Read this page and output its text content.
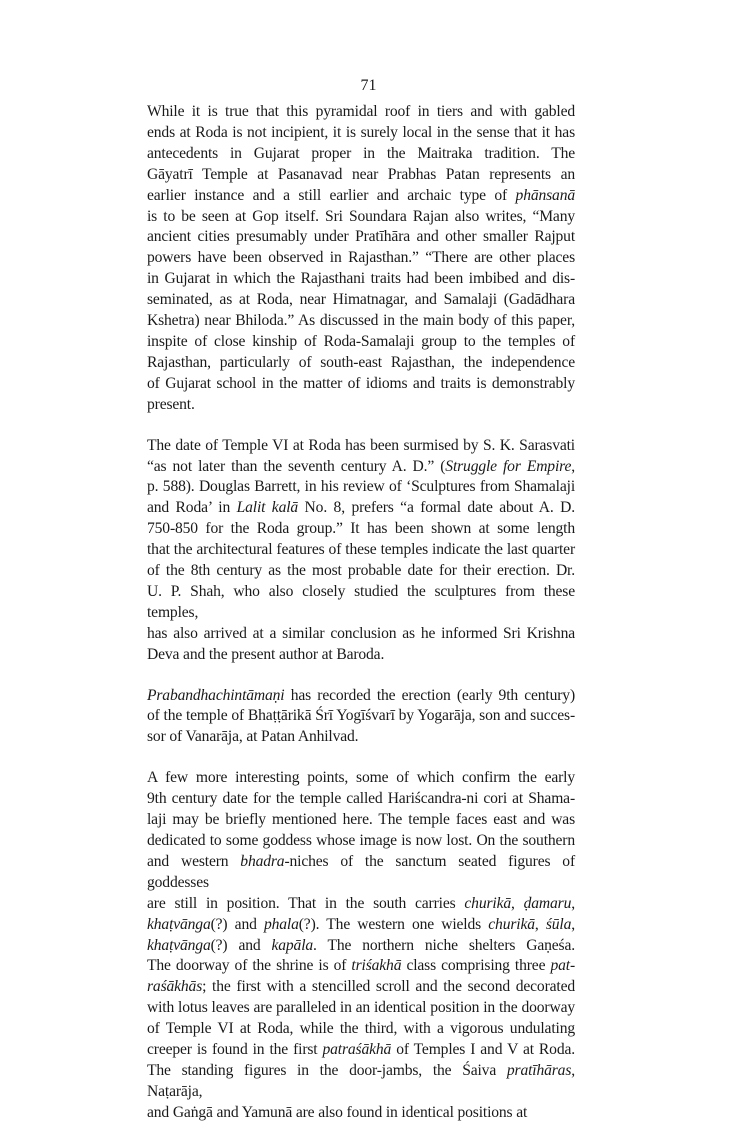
71

While it is true that this pyramidal roof in tiers and with gabled
ends at Roda is not incipient, it is surely local in the sense that it has
antecedents in Gujarat proper in the Maitraka tradition. The
Gāyatrī Temple at Pasanavad near Prabhas Patan represents an
earlier instance and a still earlier and archaic type of phānsanā
is to be seen at Gop itself. Sri Soundara Rajan also writes, “Many
ancient cities presumably under Pratīhāra and other smaller Rajput
powers have been observed in Rajasthan.” “There are other places
in Gujarat in which the Rajasthani traits had been imbibed and dis-
seminated, as at Roda, near Himatnagar, and Samalaji (Gadādhara
Kshetra) near Bhiloda.” As discussed in the main body of this paper,
inspite of close kinship of Roda-Samalaji group to the temples of
Rajasthan, particularly of south-east Rajasthan, the independence
of Gujarat school in the matter of idioms and traits is demonstrably
present.

The date of Temple VI at Roda has been surmised by S. K. Sarasvati
“as not later than the seventh century A. D.” (Struggle for Empire,
p. 588). Douglas Barrett, in his review of ‘Sculptures from Shamalaji
and Roda’ in Lalit kalā No. 8, prefers “a formal date about A. D.
750-850 for the Roda group.” It has been shown at some length
that the architectural features of these temples indicate the last quarter
of the 8th century as the most probable date for their erection. Dr.
U. P. Shah, who also closely studied the sculptures from these temples,
has also arrived at a similar conclusion as he informed Sri Krishna
Deva and the present author at Baroda.

Prabandhachintāmaṇi has recorded the erection (early 9th century)
of the temple of Bhaṭṭārikā Śrī Yogīśvarī by Yogarāja, son and succes-
sor of Vanarāja, at Patan Anhilvad.

A few more interesting points, some of which confirm the early
9th century date for the temple called Hariścandra-ni cori at Shama-
laji may be briefly mentioned here. The temple faces east and was
dedicated to some goddess whose image is now lost. On the southern
and western bhadra-niches of the sanctum seated figures of goddesses
are still in position. That in the south carries churikā, ḍamaru,
khaṭvānga(?) and phala(?). The western one wields churikā, śūla,
khaṭvānga(?) and kapāla. The northern niche shelters Gaṇeśa.
The doorway of the shrine is of triśakhā class comprising three pat-
raśākhās; the first with a stencilled scroll and the second decorated
with lotus leaves are paralleled in an identical position in the doorway
of Temple VI at Roda, while the third, with a vigorous undulating
creeper is found in the first patraśākhā of Temples I and V at Roda.
The standing figures in the door-jambs, the Śaiva pratīhāras, Naṭarāja,
and Gaṅgā and Yamunā are also found in identical positions at
